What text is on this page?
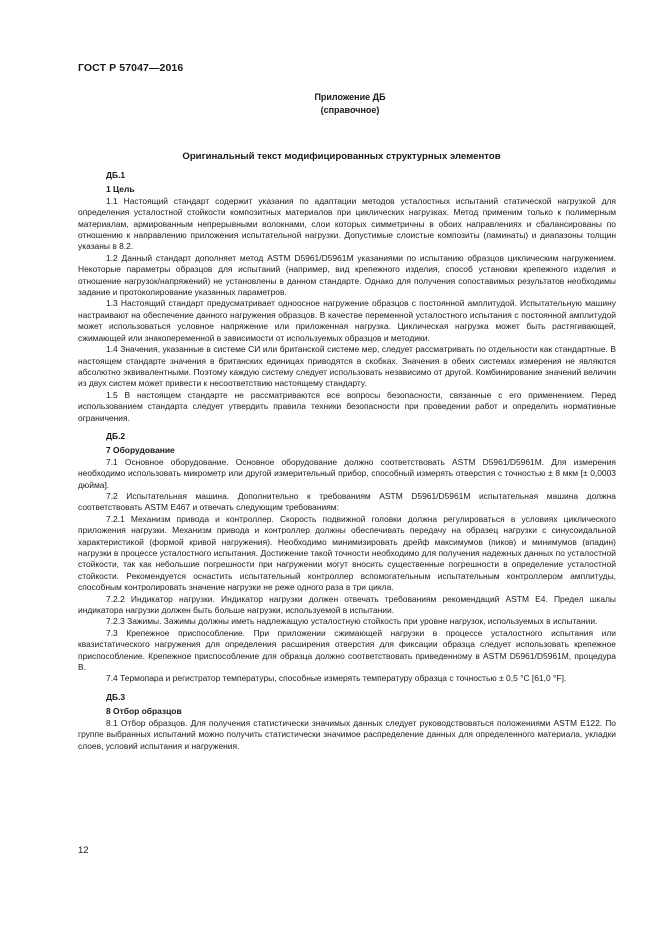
ГОСТ Р 57047—2016
Приложение ДБ
(справочное)
Оригинальный текст модифицированных структурных элементов

ДБ.1

1 Цель

1.1 Настоящий стандарт содержит указания по адаптации методов усталостных испытаний статической нагрузкой для определения усталостной стойкости композитных материалов при циклических нагрузках. Метод применим только к полимерным материалам, армированным непрерывными волокнами, слои которых симметричны в обоих направлениях и сбалансированы по отношению к направлению приложения испытательной нагрузки. Допустимые слоистые композиты (ламинаты) и диапазоны толщин указаны в 8.2.

1.2 Данный стандарт дополняет метод ASTM D5961/D5961M указаниями по испытанию образцов циклическим нагружением. Некоторые параметры образцов для испытаний (например, вид крепежного изделия, способ установки крепежного изделия и отношение нагрузок/напряжений) не установлены в данном стандарте. Однако для получения сопоставимых результатов необходимы задание и протоколирование указанных параметров.

1.3 Настоящий стандарт предусматривает одноосное нагружение образцов с постоянной амплитудой. Испытательную машину настраивают на обеспечение данного нагружения образцов. В качестве переменной усталостного испытания с постоянной амплитудой может использоваться условное напряжение или приложенная нагрузка. Циклическая нагрузка может быть растягивающей, сжимающей или знакопеременной в зависимости от используемых образцов и методики.

1.4 Значения, указанные в системе СИ или британской системе мер, следует рассматривать по отдельности как стандартные. В настоящем стандарте значения в британских единицах приводятся в скобках. Значения в обеих системах измерения не являются абсолютно эквивалентными. Поэтому каждую систему следует использовать независимо от другой. Комбинирование значений величин из двух систем может привести к несоответствию настоящему стандарту.

1.5 В настоящем стандарте не рассматриваются все вопросы безопасности, связанные с его применением. Перед использованием стандарта следует утвердить правила техники безопасности при проведении работ и определить нормативные ограничения.

ДБ.2

7 Оборудование

7.1 Основное оборудование. Основное оборудование должно соответствовать ASTM D5961/D5961M. Для измерения необходимо использовать микрометр или другой измерительный прибор, способный измерять отверстия с точностью ± 8 мкм [± 0,0003 дюйма].

7.2 Испытательная машина. Дополнительно к требованиям ASTM D5961/D5961M испытательная машина должна соответствовать ASTM E467 и отвечать следующим требованиям:

7.2.1 Механизм привода и контроллер. Скорость подвижной головки должна регулироваться в условиях циклического приложения нагрузки. Механизм привода и контроллер должны обеспечивать передачу на образец нагрузки с синусоидальной характеристикой (формой кривой нагружения). Необходимо минимизировать дрейф максимумов (пиков) и минимумов (впадин) нагрузки в процессе усталостного испытания. Достижение такой точности необходимо для получения надежных данных по усталостной стойкости, так как небольшие погрешности при нагружении могут вносить существенные погрешности в определение усталостной стойкости. Рекомендуется оснастить испытательный контроллер вспомогательным испытательным контроллером амплитуды, способным контролировать значение нагрузки не реже одного раза в три цикла.

7.2.2 Индикатор нагрузки. Индикатор нагрузки должен отвечать требованиям рекомендаций ASTM E4. Предел шкалы индикатора нагрузки должен быть больше нагрузки, используемой в испытании.

7.2.3 Зажимы. Зажимы должны иметь надлежащую усталостную стойкость при уровне нагрузок, используемых в испытании.

7.3 Крепежное приспособление. При приложении сжимающей нагрузки в процессе усталостного испытания или квазистатического нагружения для определения расширения отверстия для фиксации образца следует использовать крепежное приспособление. Крепежное приспособление для образца должно соответствовать приведенному в ASTM D5961/D5961M, процедура B.

7.4 Термопара и регистратор температуры, способные измерять температуру образца с точностью ± 0,5 °C [61,0 °F].

ДБ.3

8 Отбор образцов

8.1 Отбор образцов. Для получения статистически значимых данных следует руководствоваться положениями ASTM E122. По группе выбранных испытаний можно получить статистически значимое распределение данных для определенного материала, укладки слоев, условий испытания и нагружения.

12
